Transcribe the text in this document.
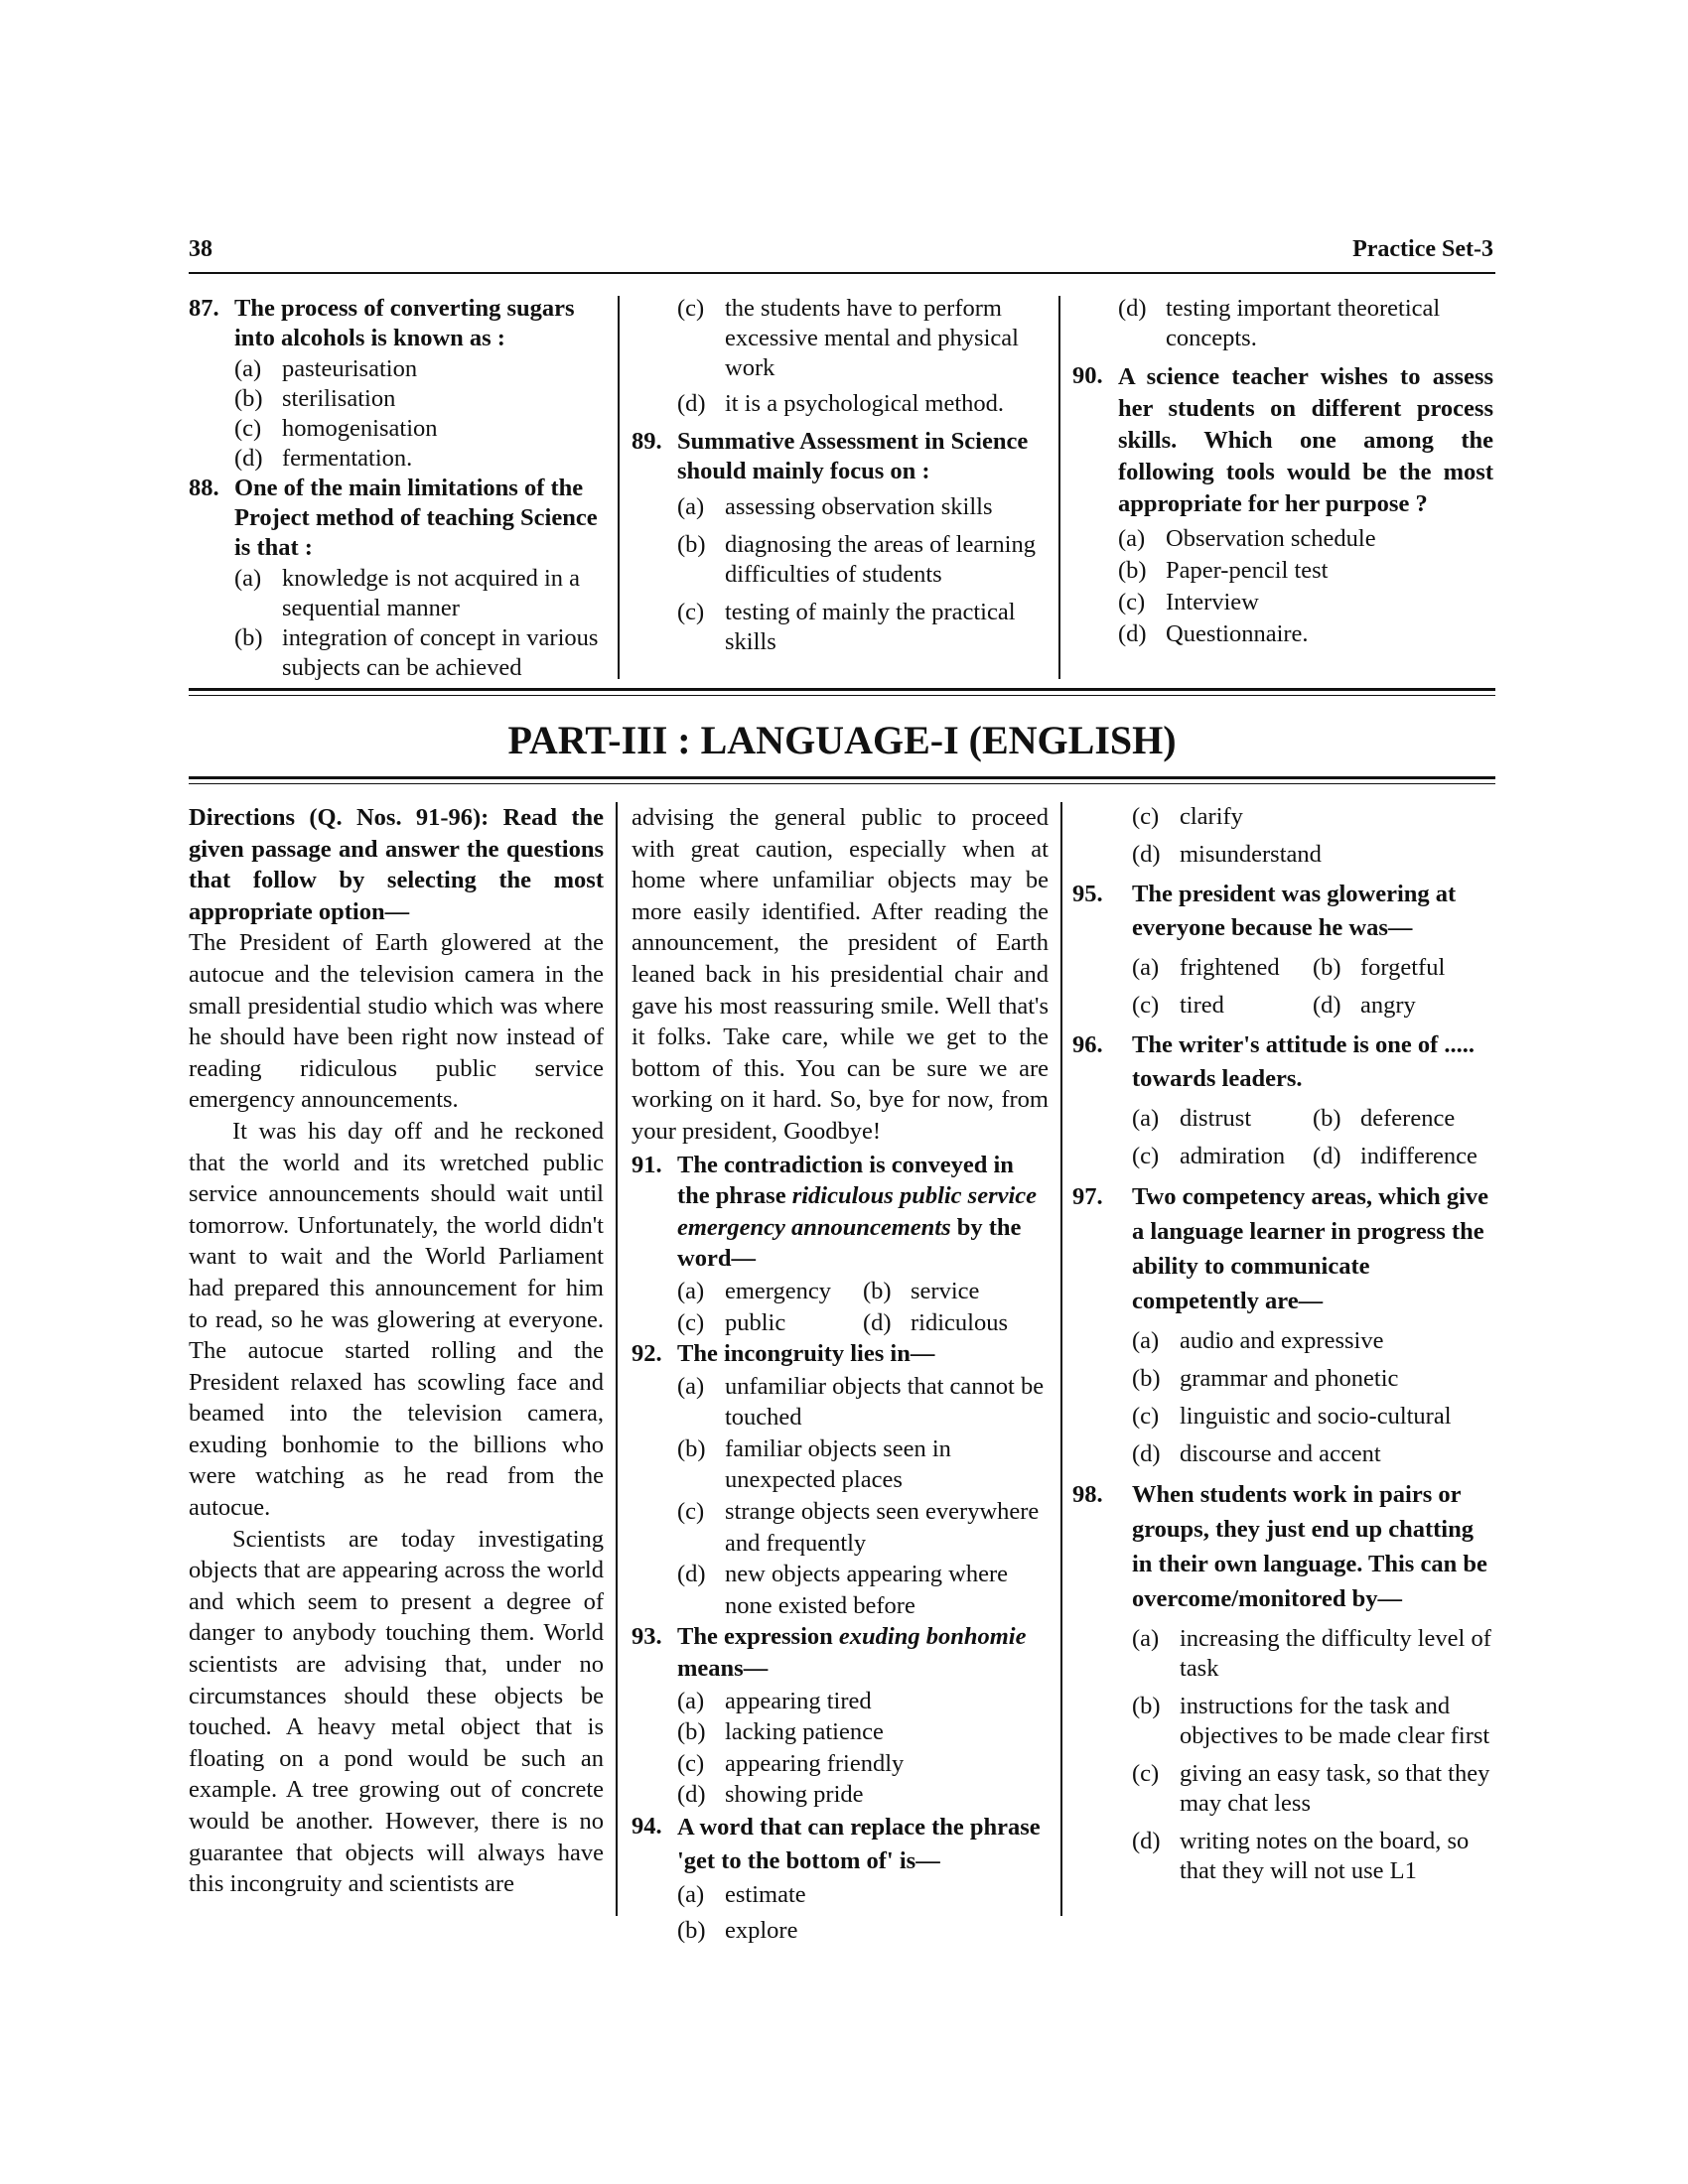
38	Practice Set-3
87. The process of converting sugars into alcohols is known as :
(a) pasteurisation
(b) sterilisation
(c) homogenisation
(d) fermentation.
88. One of the main limitations of the Project method of teaching Science is that :
(a) knowledge is not acquired in a sequential manner
(b) integration of concept in various subjects can be achieved
(c) the students have to perform excessive mental and physical work
(d) it is a psychological method.
89. Summative Assessment in Science should mainly focus on :
(a) assessing observation skills
(b) diagnosing the areas of learning difficulties of students
(c) testing of mainly the practical skills
(d) testing important theoretical concepts.
90. A science teacher wishes to assess her students on different process skills. Which one among the following tools would be the most appropriate for her purpose ?
(a) Observation schedule
(b) Paper-pencil test
(c) Interview
(d) Questionnaire.
PART-III : LANGUAGE-I (ENGLISH)

Directions (Q. Nos. 91-96): Read the given passage and answer the questions that follow by selecting the most appropriate option—

The President of Earth glowered at the autocue and the television camera in the small presidential studio which was where he should have been right now instead of reading ridiculous public service emergency announcements.

It was his day off and he reckoned that the world and its wretched public service announcements should wait until tomorrow. Unfortunately, the world didn't want to wait and the World Parliament had prepared this announcement for him to read, so he was glowering at everyone. The autocue started rolling and the President relaxed has scowling face and beamed into the television camera, exuding bonhomie to the billions who were watching as he read from the autocue.

Scientists are today investigating objects that are appearing across the world and which seem to present a degree of danger to anybody touching them. World scientists are advising that, under no circumstances should these objects be touched. A heavy metal object that is floating on a pond would be such an example. A tree growing out of concrete would be another. However, there is no guarantee that objects will always have this incongruity and scientists are

advising the general public to proceed with great caution, especially when at home where unfamiliar objects may be more easily identified. After reading the announcement, the president of Earth leaned back in his presidential chair and gave his most reassuring smile. Well that's it folks. Take care, while we get to the bottom of this. You can be sure we are working on it hard. So, bye for now, from your president, Goodbye!

91. The contradiction is conveyed in the phrase ridiculous public service emergency announcements by the word—
(a) emergency (b) service
(c) public	(d) ridiculous
92. The incongruity lies in—
(a) unfamiliar objects that cannot be touched
(b) familiar objects seen in unexpected places
(c) strange objects seen everywhere and frequently
(d) new objects appearing where none existed before
93. The expression exuding bonhomie means—
(a) appearing tired
(b) lacking patience
(c) appearing friendly
(d) showing pride
94. A word that can replace the phrase 'get to the bottom of' is—
(a) estimate
(b) explore
(c) clarify
(d) misunderstand
95.	The president was glowering at everyone because he was—
(a) frightened (b) forgetful
(c) tired	(d) angry
96.	The writer's attitude is one of ..... towards leaders.
(a) distrust	(b) deference
(c) admiration (d) indifference
97.	Two competency areas, which give a language learner in progress the ability to communicate competently are—
(a) audio and expressive
(b) grammar and phonetic
(c) linguistic and socio-cultural
(d) discourse and accent
98.	When students work in pairs or groups, they just end up chatting in their own language. This can be overcome/monitored by—
(a) increasing the difficulty level of task
(b) instructions for the task and objectives to be made clear first
(c) giving an easy task, so that they may chat less
(d) writing notes on the board, so that they will not use L1
